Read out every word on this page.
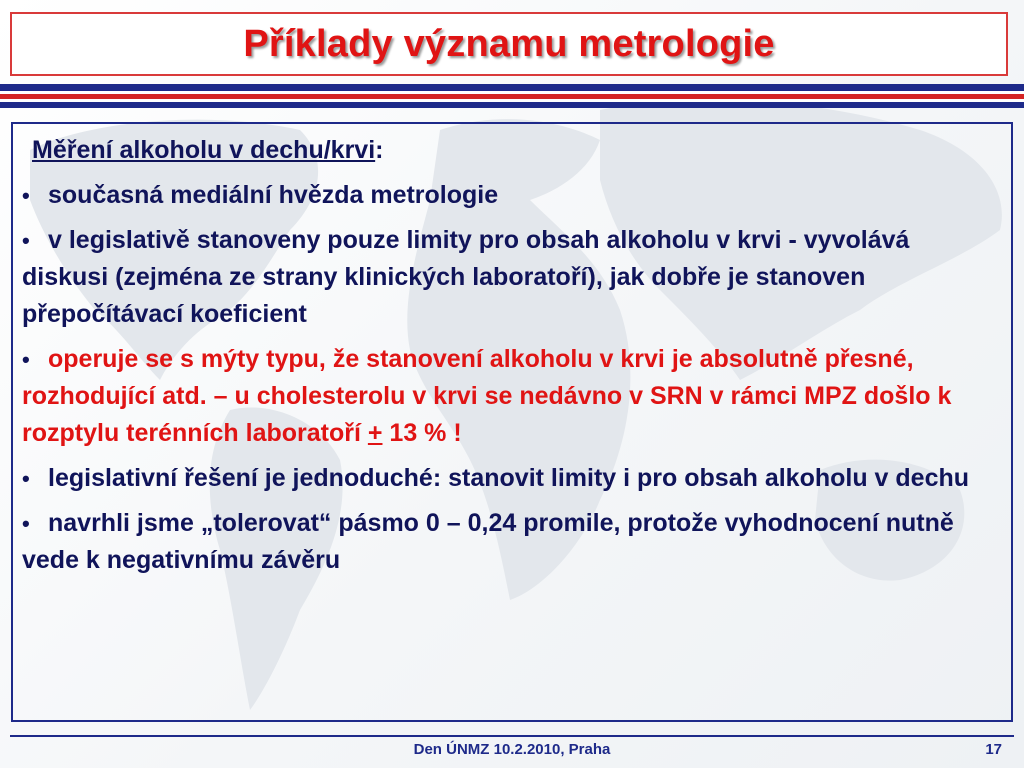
Příklady významu metrologie
Měření alkoholu v dechu/krvi:
• současná mediální hvězda metrologie
• v legislativě stanoveny pouze limity pro obsah alkoholu v krvi - vyvolává diskusi (zejména ze strany klinických laboratoří), jak dobře je stanoven přepočítávací koeficient
• operuje se s mýty typu, že stanovení alkoholu v krvi je absolutně přesné, rozhodující atd. – u cholesterolu v krvi se nedávno v SRN v rámci MPZ došlo k rozptylu terénních laboratoří + 13 % !
• legislativní řešení je jednoduché: stanovit limity i pro obsah alkoholu v dechu
• navrhli jsme „tolerovat“ pásmo 0 – 0,24 promile, protože vyhodnocení nutně vede k negativnímu závěru
Den ÚNMZ 10.2.2010, Praha	17
